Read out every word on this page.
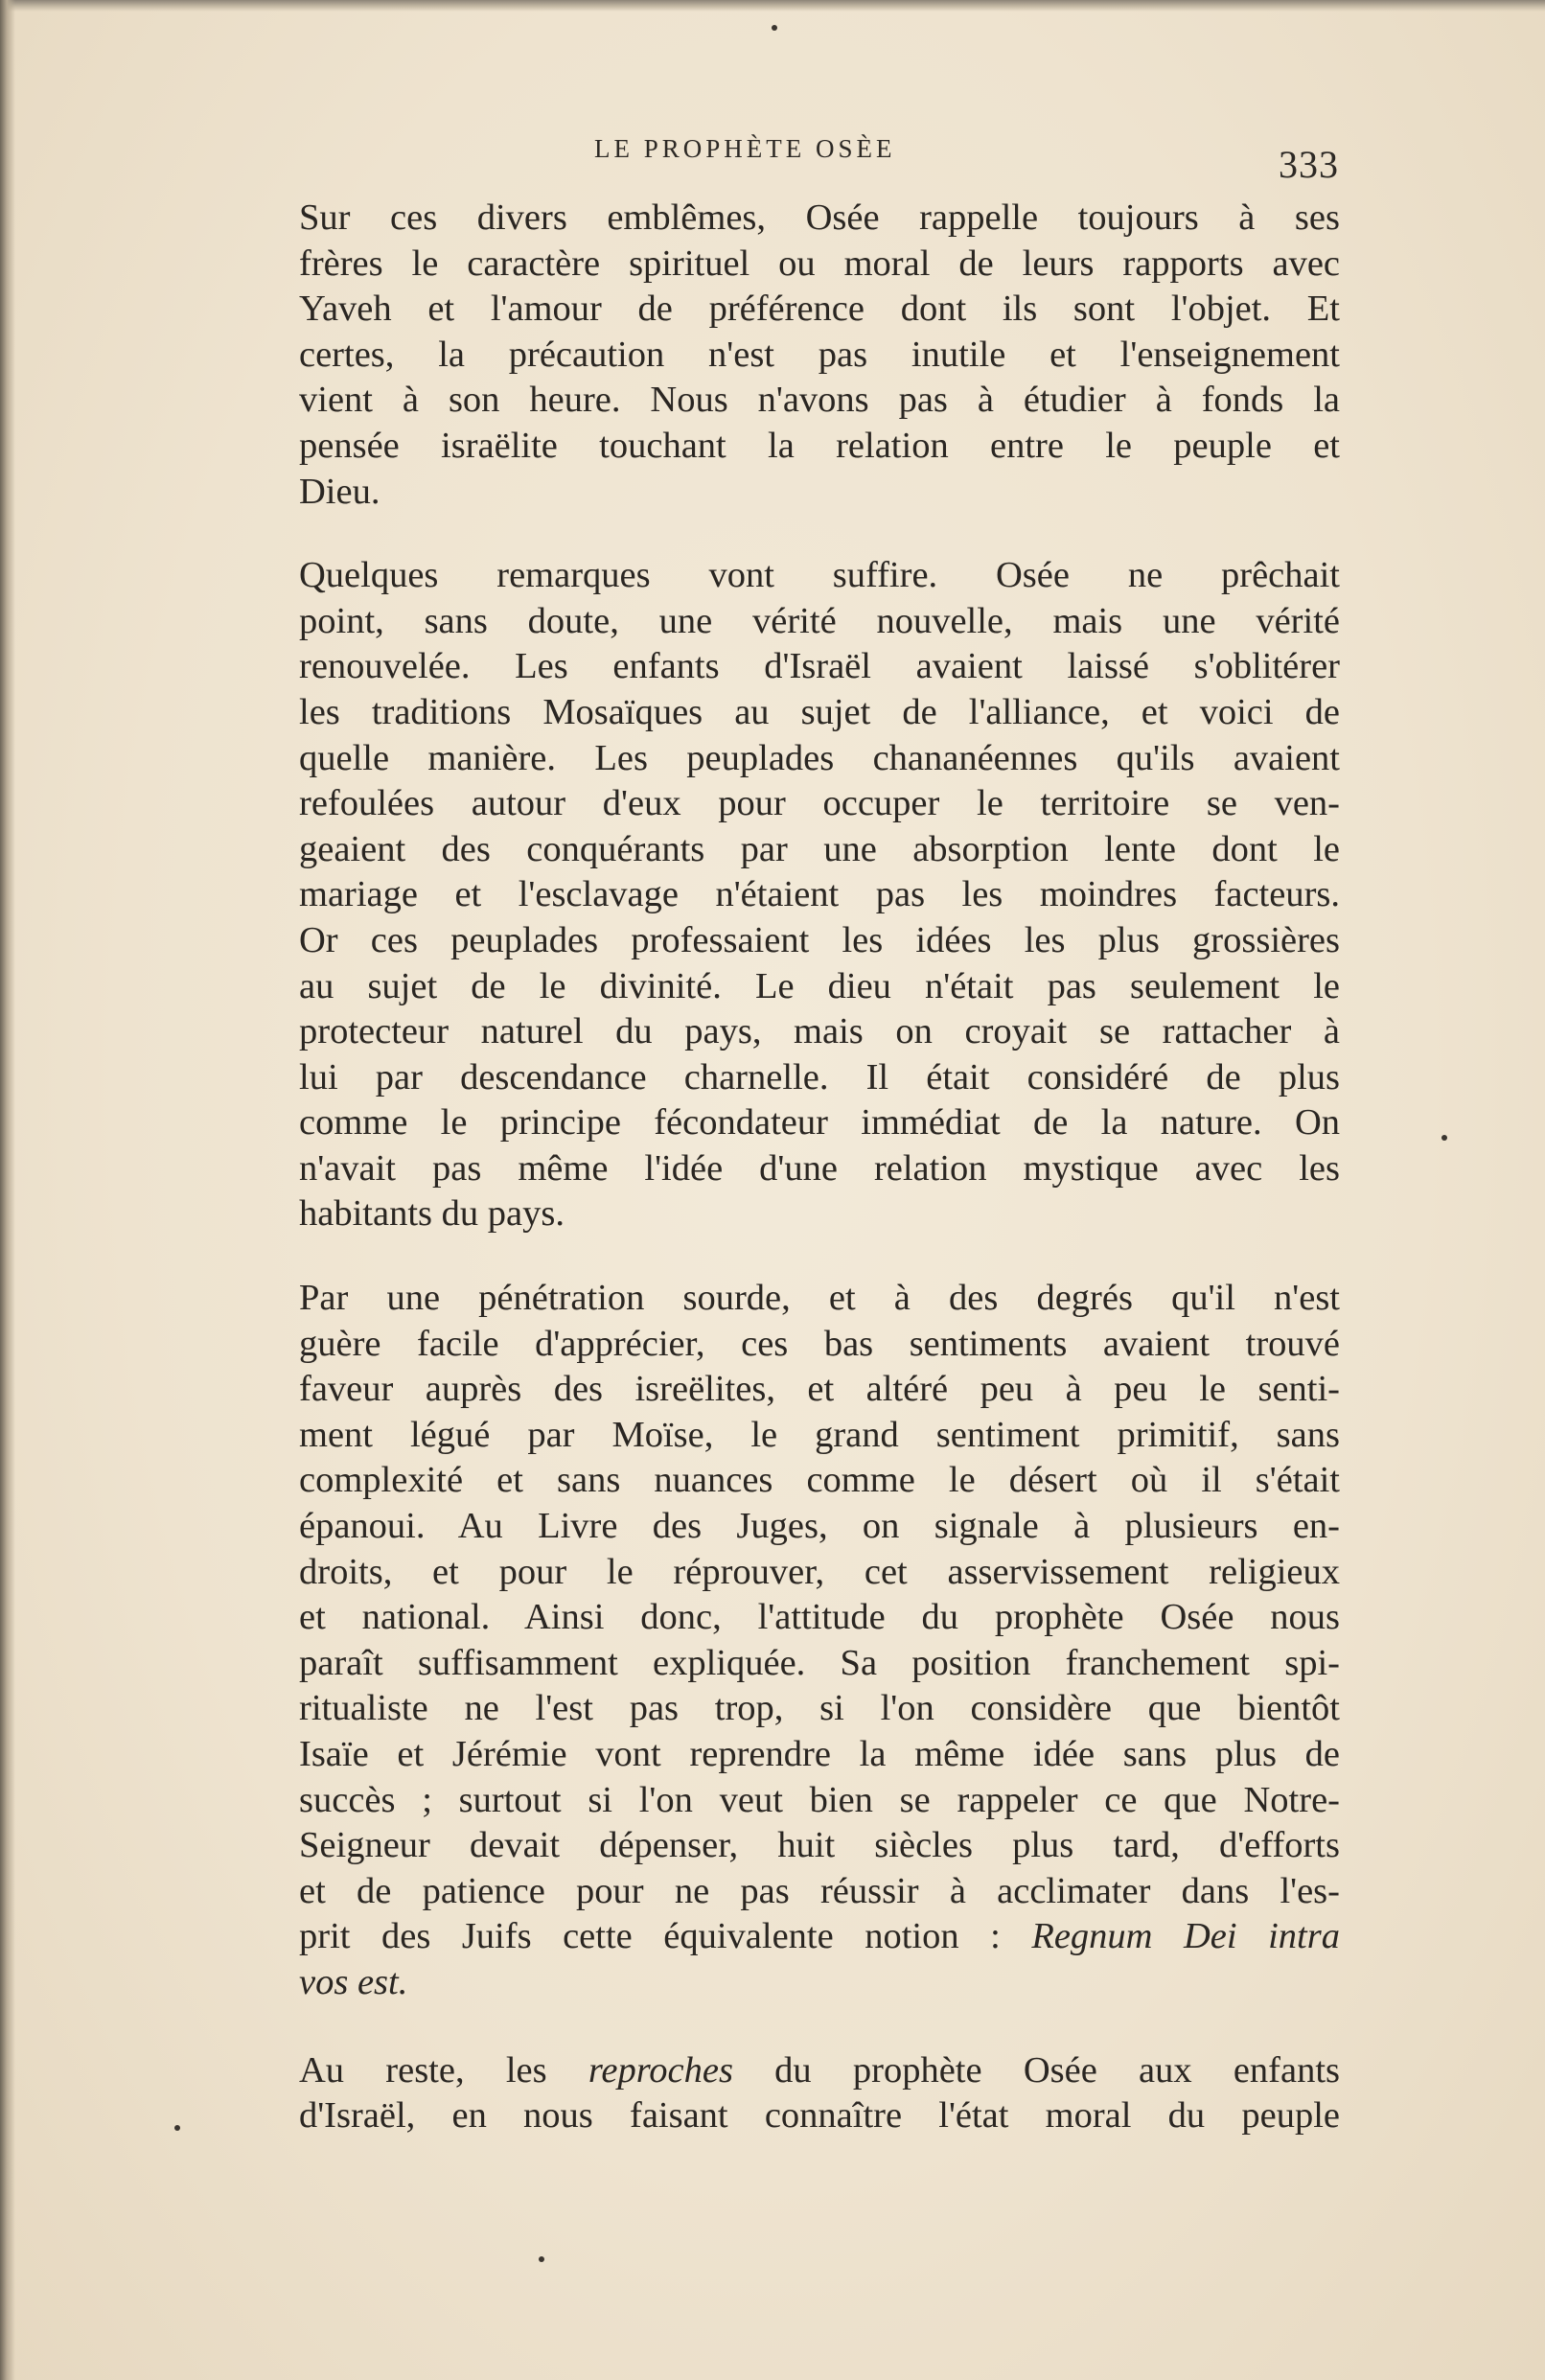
LE PROPHÈTE OSÈE	333

Sur ces divers emblêmes, Osée rappelle toujours à ses
frères le caractère spirituel ou moral de leurs rapports avec
Yaveh et l'amour de préférence dont ils sont l'objet. Et
certes, la précaution n'est pas inutile et l'enseignement
vient à son heure. Nous n'avons pas à étudier à fonds la
pensée israëlite touchant la relation entre le peuple et
Dieu.

Quelques remarques vont suffire. Osée ne prêchait
point, sans doute, une vérité nouvelle, mais une vérité
renouvelée. Les enfants d'Israël avaient laissé s'oblitérer
les traditions Mosaïques au sujet de l'alliance, et voici de
quelle manière. Les peuplades chananéennes qu'ils avaient
refoulées autour d'eux pour occuper le territoire se ven-
geaient des conquérants par une absorption lente dont le
mariage et l'esclavage n'étaient pas les moindres facteurs.
Or ces peuplades professaient les idées les plus grossières
au sujet de le divinité. Le dieu n'était pas seulement le
protecteur naturel du pays, mais on croyait se rattacher à
lui par descendance charnelle. Il était considéré de plus
comme le principe fécondateur immédiat de la nature. On
n'avait pas même l'idée d'une relation mystique avec les
habitants du pays.

Par une pénétration sourde, et à des degrés qu'il n'est
guère facile d'apprécier, ces bas sentiments avaient trouvé
faveur auprès des isreëlites, et altéré peu à peu le senti-
ment légué par Moïse, le grand sentiment primitif, sans
complexité et sans nuances comme le désert où il s'était
épanoui. Au Livre des Juges, on signale à plusieurs en-
droits, et pour le réprouver, cet asservissement religieux
et national. Ainsi donc, l'attitude du prophète Osée nous
paraît suffisamment expliquée. Sa position franchement spi-
ritualiste ne l'est pas trop, si l'on considère que bientôt
Isaïe et Jérémie vont reprendre la même idée sans plus de
succès ; surtout si l'on veut bien se rappeler ce que Notre-
Seigneur devait dépenser, huit siècles plus tard, d'efforts
et de patience pour ne pas réussir à acclimater dans l'es-
prit des Juifs cette équivalente notion : Regnum Dei intra
vos est.

Au reste, les reproches du prophète Osée aux enfants
d'Israël, en nous faisant connaître l'état moral du peuple
